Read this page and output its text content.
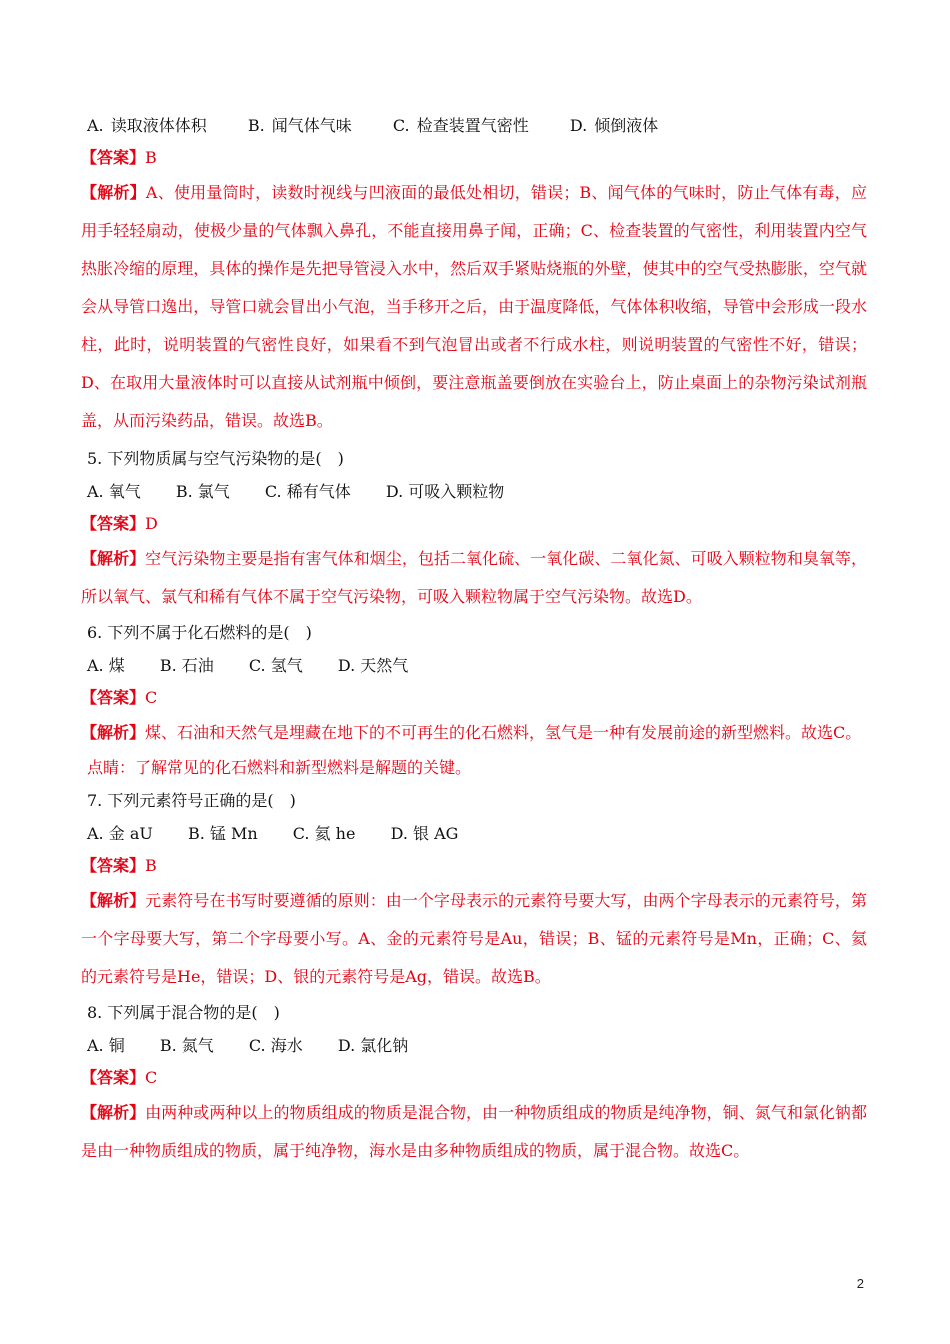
A. 读取液体体积	B. 闻气体气味	C. 检查装置气密性	D. 倾倒液体
【答案】B
【解析】A、使用量筒时，读数时视线与凹液面的最低处相切，错误；B、闻气体的气味时，防止气体有毒，应用手轻轻扇动，使极少量的气体飘入鼻孔，不能直接用鼻子闻，正确；C、检查装置的气密性，利用装置内空气热胀冷缩的原理，具体的操作是先把导管浸入水中，然后双手紧贴烧瓶的外壁，使其中的空气受热膨胀，空气就会从导管口逸出，导管口就会冒出小气泡，当手移开之后，由于温度降低，气体体积收缩，导管中会形成一段水柱，此时，说明装置的气密性良好，如果看不到气泡冒出或者不行成水柱，则说明装置的气密性不好，错误；D、在取用大量液体时可以直接从试剂瓶中倾倒，要注意瓶盖要倒放在实验台上，防止桌面上的杂物污染试剂瓶盖，从而污染药品，错误。故选B。
5. 下列物质属与空气污染物的是(　)
A. 氧气 B. 氯气 C. 稀有气体 D. 可吸入颗粒物
【答案】D
【解析】空气污染物主要是指有害气体和烟尘，包括二氧化硫、一氧化碳、二氧化氮、可吸入颗粒物和臭氧等，所以氧气、氯气和稀有气体不属于空气污染物，可吸入颗粒物属于空气污染物。故选D。
6. 下列不属于化石燃料的是(　)
A. 煤 B. 石油 C. 氢气 D. 天然气
【答案】C
【解析】煤、石油和天然气是埋藏在地下的不可再生的化石燃料，氢气是一种有发展前途的新型燃料。故选C。
点睛：了解常见的化石燃料和新型燃料是解题的关键。
7. 下列元素符号正确的是(　)
A. 金 aU B. 锰 Mn C. 氦 he D. 银 AG
【答案】B
【解析】元素符号在书写时要遵循的原则：由一个字母表示的元素符号要大写，由两个字母表示的元素符号，第一个字母要大写，第二个字母要小写。A、金的元素符号是Au，错误；B、锰的元素符号是Mn，正确；C、氦的元素符号是He，错误；D、银的元素符号是Ag，错误。故选B。
8. 下列属于混合物的是(　)
A. 铜 B. 氮气 C. 海水 D. 氯化钠
【答案】C
【解析】由两种或两种以上的物质组成的物质是混合物，由一种物质组成的物质是纯净物，铜、氮气和氯化钠都是由一种物质组成的物质，属于纯净物，海水是由多种物质组成的物质，属于混合物。故选C。
2
